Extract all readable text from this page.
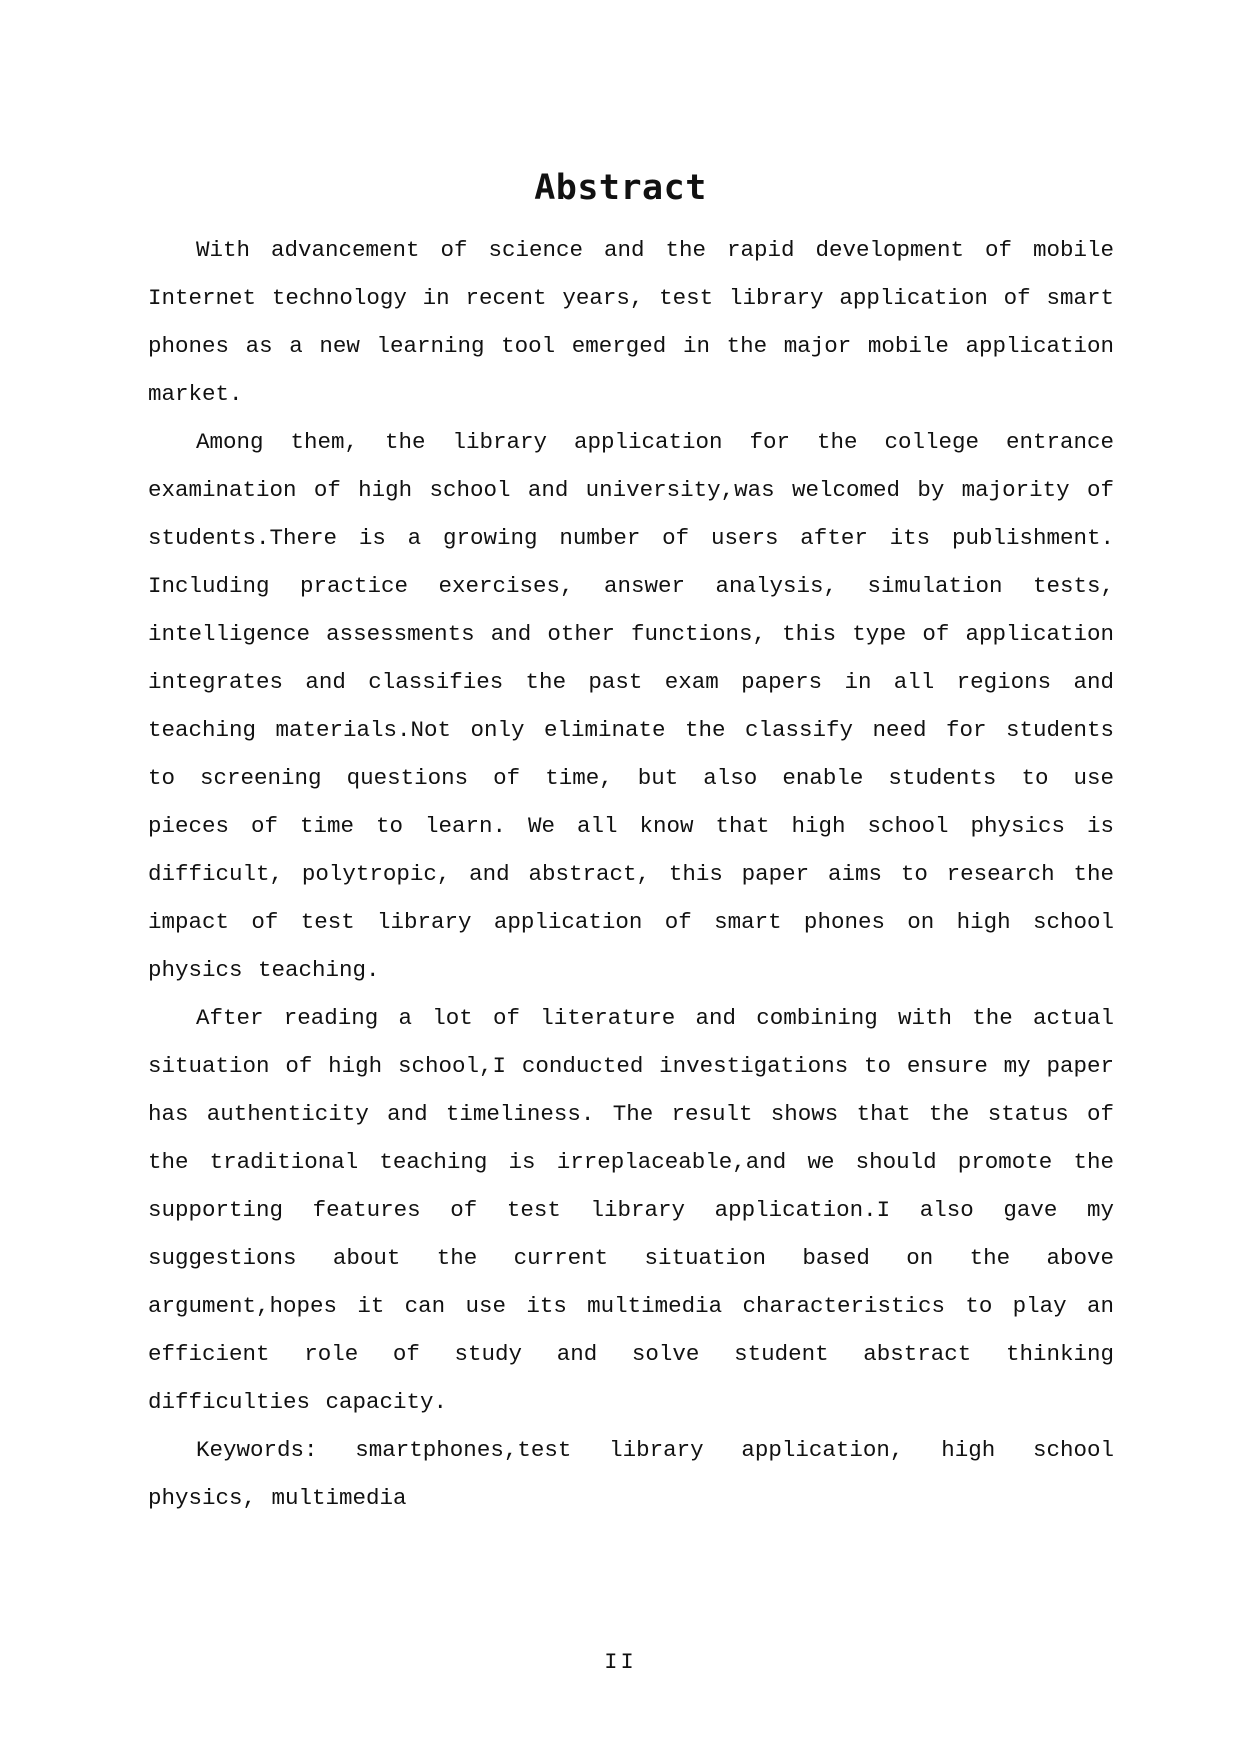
Abstract

With advancement of science and the rapid development of mobile Internet technology in recent years, test library application of smart phones as a new learning tool emerged in the major mobile application market.

Among them, the library application for the college entrance examination of high school and university,was welcomed by majority of students.There is a growing number of users after its publishment. Including practice exercises, answer analysis, simulation tests, intelligence assessments and other functions, this type of application integrates and classifies the past exam papers in all regions and teaching materials.Not only eliminate the classify need for students to screening questions of time, but also enable students to use pieces of time to learn. We all know that high school physics is difficult, polytropic, and abstract, this paper aims to research the impact of test library application of smart phones on high school physics teaching.

After reading a lot of literature and combining with the actual situation of high school,I conducted investigations to ensure my paper has authenticity and timeliness. The result shows that the status of the traditional teaching is irreplaceable,and we should promote the supporting features of test library application.I also gave my suggestions about the current situation based on the above argument,hopes it can use its multimedia characteristics to play an efficient role of study and solve student abstract thinking difficulties capacity.

Keywords: smartphones,test library application, high school physics, multimedia

II
